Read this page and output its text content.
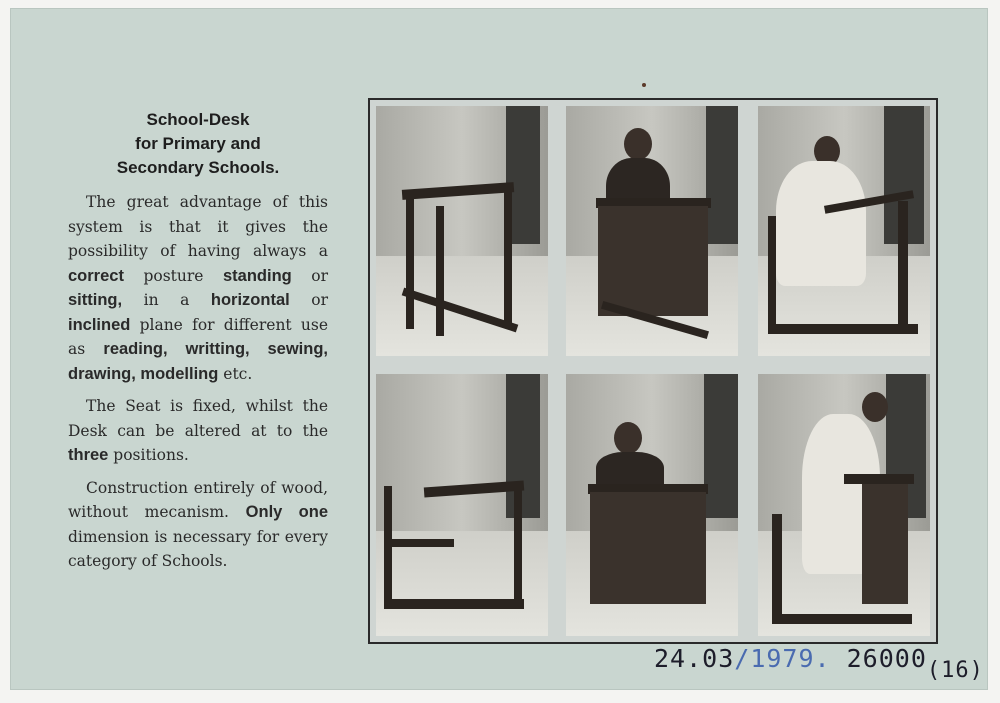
School-Desk
for Primary and
Secondary Schools.

The great advantage of this system is that it gives the possibility of having always a correct posture standing or sitting, in a horizontal or inclined plane for different use as reading, writting, sewing, drawing, modelling etc.

The Seat is fixed, whilst the Desk can be altered at to the three positions.

Construction entirely of wood, without mecanism. Only one dimension is necessary for every category of Schools.

24.03/1979. 26000(16)
